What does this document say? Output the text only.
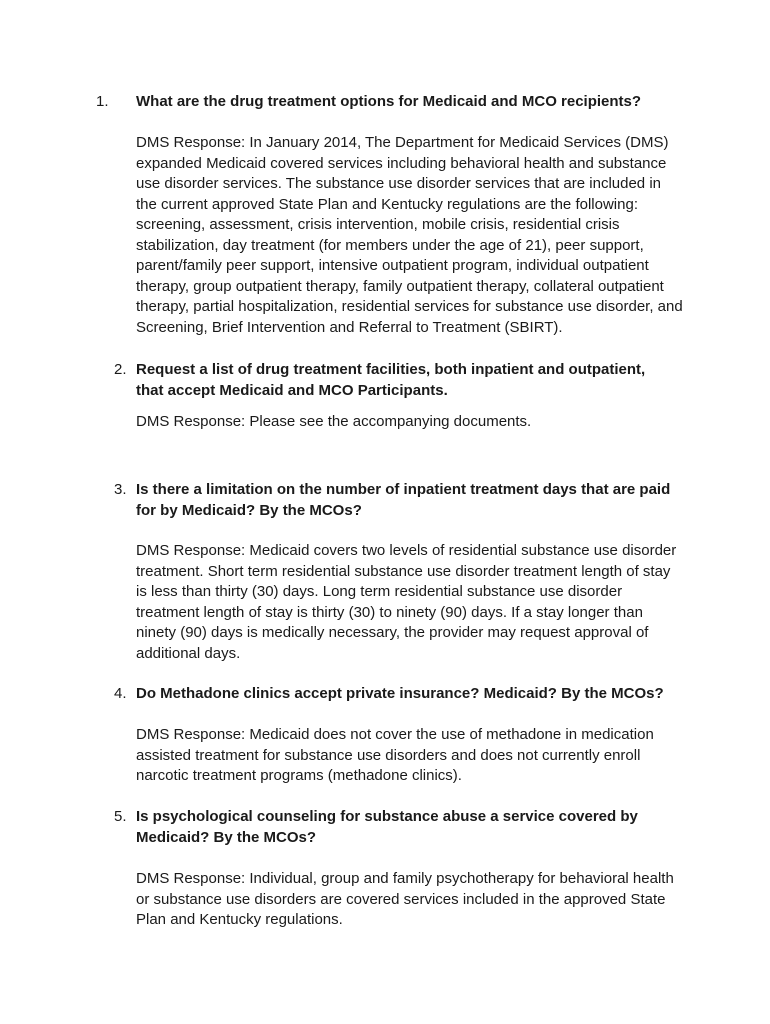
1. What are the drug treatment options for Medicaid and MCO recipients?
DMS Response: In January 2014, The Department for Medicaid Services (DMS) expanded Medicaid covered services including behavioral health and substance use disorder services. The substance use disorder services that are included in the current approved State Plan and Kentucky regulations are the following: screening, assessment, crisis intervention, mobile crisis, residential crisis stabilization, day treatment (for members under the age of 21), peer support, parent/family peer support, intensive outpatient program, individual outpatient therapy, group outpatient therapy, family outpatient therapy, collateral outpatient therapy, partial hospitalization, residential services for substance use disorder, and Screening, Brief Intervention and Referral to Treatment (SBIRT).
2. Request a list of drug treatment facilities, both inpatient and outpatient, that accept Medicaid and MCO Participants.
DMS Response: Please see the accompanying documents.
3. Is there a limitation on the number of inpatient treatment days that are paid for by Medicaid? By the MCOs?
DMS Response: Medicaid covers two levels of residential substance use disorder treatment. Short term residential substance use disorder treatment length of stay is less than thirty (30) days. Long term residential substance use disorder treatment length of stay is thirty (30) to ninety (90) days. If a stay longer than ninety (90) days is medically necessary, the provider may request approval of additional days.
4. Do Methadone clinics accept private insurance? Medicaid? By the MCOs?
DMS Response: Medicaid does not cover the use of methadone in medication assisted treatment for substance use disorders and does not currently enroll narcotic treatment programs (methadone clinics).
5. Is psychological counseling for substance abuse a service covered by Medicaid? By the MCOs?
DMS Response: Individual, group and family psychotherapy for behavioral health or substance use disorders are covered services included in the approved State Plan and Kentucky regulations.
